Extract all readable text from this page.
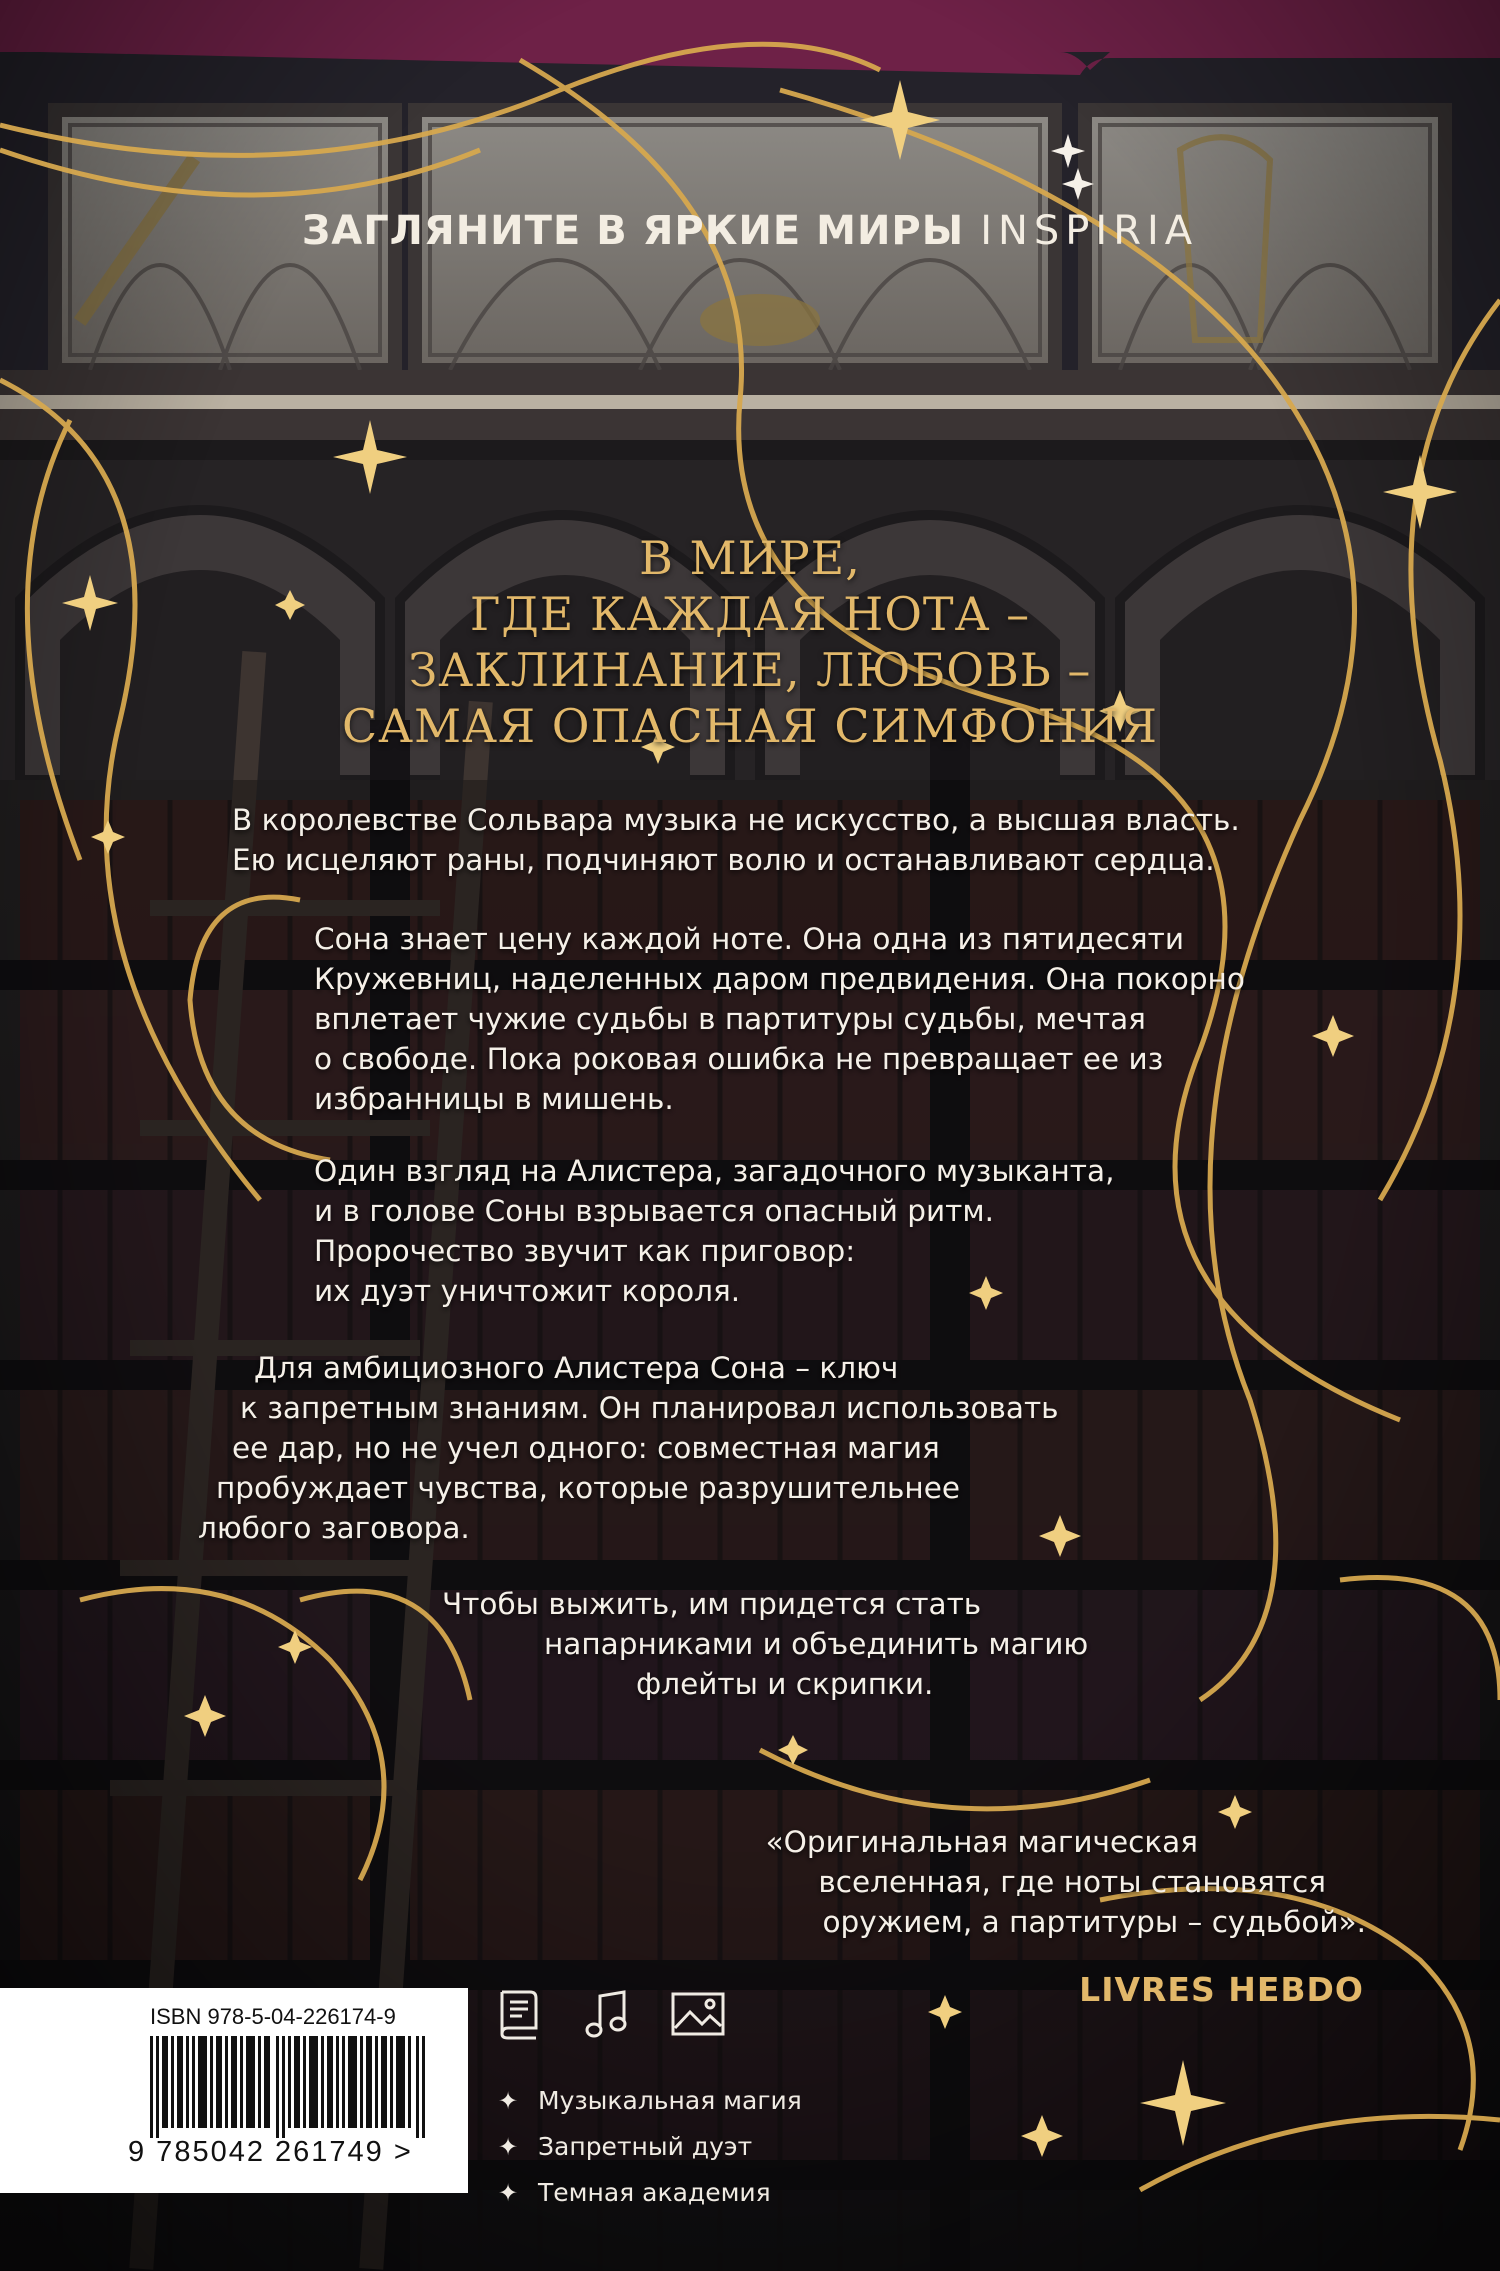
ЗАГЛЯНИТЕ В ЯРКИЕ МИРЫ INSPIRIA
В МИРЕ,
ГДЕ КАЖДАЯ НОТА –
ЗАКЛИНАНИЕ, ЛЮБОВЬ –
САМАЯ ОПАСНАЯ СИМФОНИЯ
В королевстве Сольвара музыка не искусство, а высшая власть.
Ею исцеляют раны, подчиняют волю и останавливают сердца.
Сона знает цену каждой ноте. Она одна из пятидесяти
Кружевниц, наделенных даром предвидения. Она покорно
вплетает чужие судьбы в партитуры судьбы, мечтая
о свободе. Пока роковая ошибка не превращает ее из
избранницы в мишень.
Один взгляд на Алистера, загадочного музыканта,
и в голове Соны взрывается опасный ритм.
Пророчество звучит как приговор:
их дуэт уничтожит короля.
Для амбициозного Алистера Сона – ключ
к запретным знаниям. Он планировал использовать
ее дар, но не учел одного: совместная магия
пробуждает чувства, которые разрушительнее
любого заговора.
Чтобы выжить, им придется стать
напарниками и объединить магию
флейты и скрипки.
«Оригинальная магическая
вселенная, где ноты становятся
оружием, а партитуры – судьбой».
LIVRES HEBDO
ISBN 978-5-04-226174-9
9 785042 261749 >
✦ Музыкальная магия
✦ Запретный дуэт
✦ Темная академия
